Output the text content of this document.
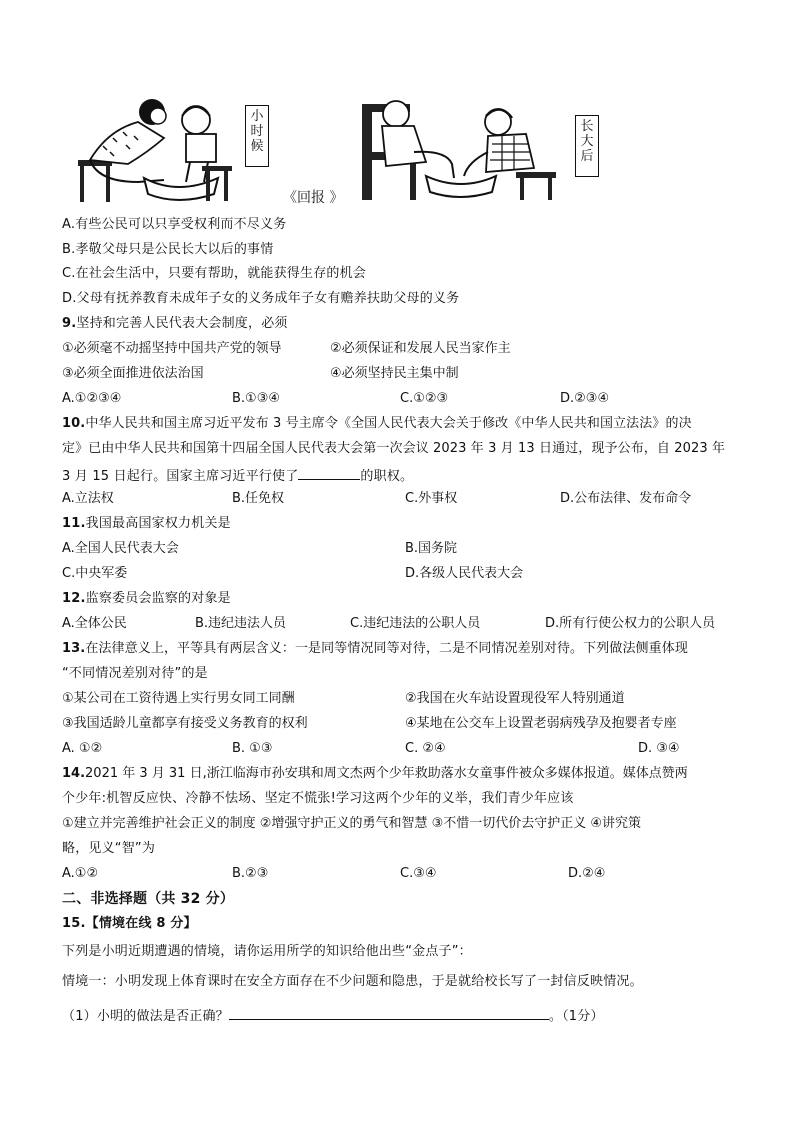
小时候
长大后
《回报 》
A.有些公民可以只享受权利而不尽义务
B.孝敬父母只是公民长大以后的事情
C.在社会生活中，只要有帮助，就能获得生存的机会
D.父母有抚养教育未成年子女的义务成年子女有赡养扶助父母的义务
9.坚持和完善人民代表大会制度，必须
①必须毫不动摇坚持中国共产党的领导	②必须保证和发展人民当家作主
③必须全面推进依法治国	④必须坚持民主集中制
A.①②③④	B.①③④	C.①②③	D.②③④
10.中华人民共和国主席习近平发布 3 号主席令《全国人民代表大会关于修改《中华人民共和国立法法》的决
定》已由中华人民共和国第十四届全国人民代表大会第一次会议 2023 年 3 月 13 日通过，现予公布，自 2023 年
3 月 15 日起行。国家主席习近平行使了	的职权。
A.立法权	B.任免权	C.外事权	D.公布法律、发布命令
11.我国最高国家权力机关是
A.全国人民代表大会	B.国务院
C.中央军委	D.各级人民代表大会
12.监察委员会监察的对象是
A.全体公民	B.违纪违法人员	C.违纪违法的公职人员	D.所有行使公权力的公职人员
13.在法律意义上，平等具有两层含义：一是同等情况同等对待，二是不同情况差别对待。下列做法侧重体现
“不同情况差别对待”的是
①某公司在工资待遇上实行男女同工同酬	②我国在火车站设置现役军人特别通道
③我国适龄儿童都享有接受义务教育的权利	④某地在公交车上设置老弱病残孕及抱婴者专座
A. ①②	B. ①③	C. ②④	D. ③④
14.2021 年 3 月 31 日,浙江临海市孙安琪和周文杰两个少年救助落水女童事件被众多媒体报道。媒体点赞两
个少年:机智反应快、冷静不怯场、坚定不慌张!学习这两个少年的义举，我们青少年应该
①建立并完善维护社会正义的制度 ②增强守护正义的勇气和智慧 ③不惜一切代价去守护正义 ④讲究策
略，见义“智”为
A.①②	B.②③	C.③④	D.②④
二、非选择题（共 32 分）
15.【情境在线 8 分】
下列是小明近期遭遇的情境，请你运用所学的知识给他出些“金点子”：
情境一：小明发现上体育课时在安全方面存在不少问题和隐患，于是就给校长写了一封信反映情况。
（1）小明的做法是否正确？	。（1分）
